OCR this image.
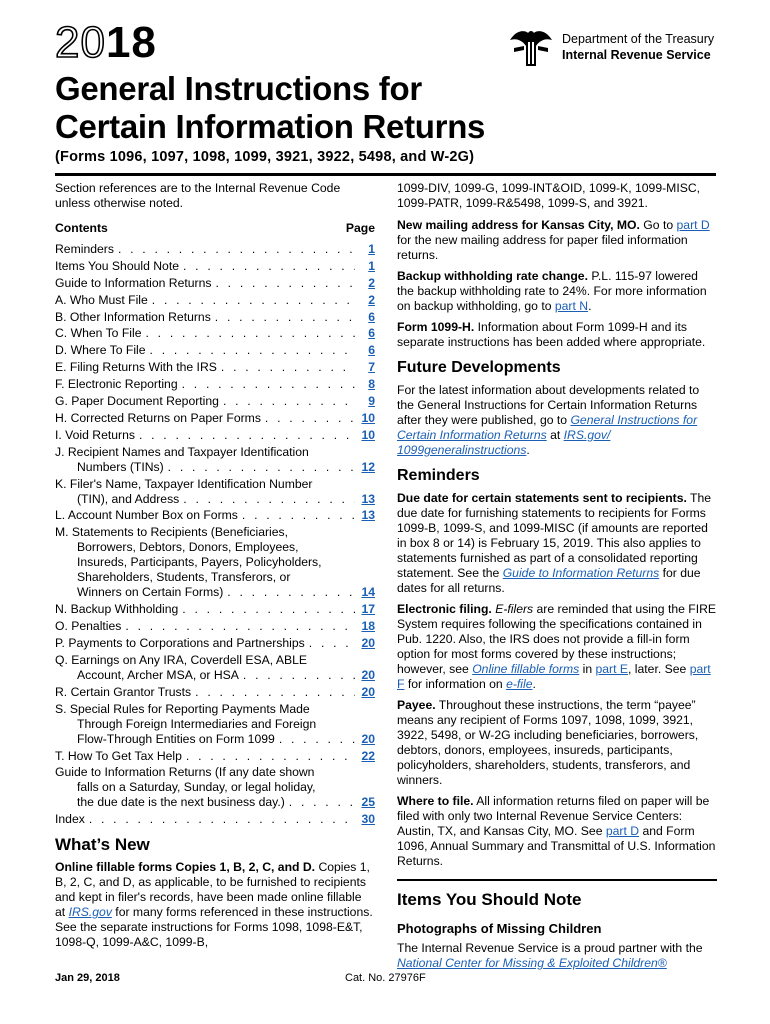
2018	Department of the Treasury
Internal Revenue Service
General Instructions for
Certain Information Returns
(Forms 1096, 1097, 1098, 1099, 3921, 3922, 5498, and W-2G)

Section references are to the Internal Revenue Code unless otherwise noted.

Contents	Page
Reminders . . .	1
Items You Should Note . . .	1
Guide to Information Returns . . .	2
A. Who Must File . . .	2
B. Other Information Returns . . .	6
C. When To File . . .	6
D. Where To File . . .	6
E. Filing Returns With the IRS . . .	7
F. Electronic Reporting . . .	8
G. Paper Document Reporting . . .	9
H. Corrected Returns on Paper Forms . . .	10
I. Void Returns . . .	10
J. Recipient Names and Taxpayer Identification
Numbers (TINs) . . .	12
K. Filer's Name, Taxpayer Identification Number
(TIN), and Address . . .	13
L. Account Number Box on Forms . . .	13
M. Statements to Recipients (Beneficiaries,
Borrowers, Debtors, Donors, Employees,
Insureds, Participants, Payers, Policyholders,
Shareholders, Students, Transferors, or
Winners on Certain Forms) . . .	14
N. Backup Withholding . . .	17
O. Penalties . . .	18
P. Payments to Corporations and Partnerships . . .	20
Q. Earnings on Any IRA, Coverdell ESA, ABLE
Account, Archer MSA, or HSA . . .	20
R. Certain Grantor Trusts . . .	20
S. Special Rules for Reporting Payments Made
Through Foreign Intermediaries and Foreign
Flow-Through Entities on Form 1099 . . .	20
T. How To Get Tax Help . . .	22
Guide to Information Returns (If any date shown
falls on a Saturday, Sunday, or legal holiday,
the due date is the next business day.) . . .	25
Index . . .	30
What’s New

Online fillable forms Copies 1, B, 2, C, and D. Copies 1, B, 2, C, and D, as applicable, to be furnished to recipients and kept in filer's records, have been made online fillable at IRS.gov for many forms referenced in these instructions. See the separate instructions for Forms 1098, 1098-E&T, 1098-Q, 1099-A&C, 1099-B,

1099-DIV, 1099-G, 1099-INT&OID, 1099-K, 1099-MISC, 1099-PATR, 1099-R&5498, 1099-S, and 3921.

New mailing address for Kansas City, MO. Go to part D for the new mailing address for paper filed information returns.

Backup withholding rate change. P.L. 115-97 lowered the backup withholding rate to 24%. For more information on backup withholding, go to part N.

Form 1099-H. Information about Form 1099-H and its separate instructions has been added where appropriate.

Future Developments

For the latest information about developments related to the General Instructions for Certain Information Returns after they were published, go to General Instructions for Certain Information Returns at IRS.gov/ 1099generalinstructions.

Reminders

Due date for certain statements sent to recipients. The due date for furnishing statements to recipients for Forms 1099-B, 1099-S, and 1099-MISC (if amounts are reported in box 8 or 14) is February 15, 2019. This also applies to statements furnished as part of a consolidated reporting statement. See the Guide to Information Returns for due dates for all returns.

Electronic filing. E-filers are reminded that using the FIRE System requires following the specifications contained in Pub. 1220. Also, the IRS does not provide a fill-in form option for most forms covered by these instructions; however, see Online fillable forms in part E, later. See part F for information on e-file.

Payee. Throughout these instructions, the term “payee” means any recipient of Forms 1097, 1098, 1099, 3921, 3922, 5498, or W-2G including beneficiaries, borrowers, debtors, donors, employees, insureds, participants, policyholders, shareholders, students, transferors, and winners.

Where to file. All information returns filed on paper will be filed with only two Internal Revenue Service Centers: Austin, TX, and Kansas City, MO. See part D and Form 1096, Annual Summary and Transmittal of U.S. Information Returns.

Items You Should Note
Photographs of Missing Children

The Internal Revenue Service is a proud partner with the National Center for Missing & Exploited Children®

Jan 29, 2018	Cat. No. 27976F
